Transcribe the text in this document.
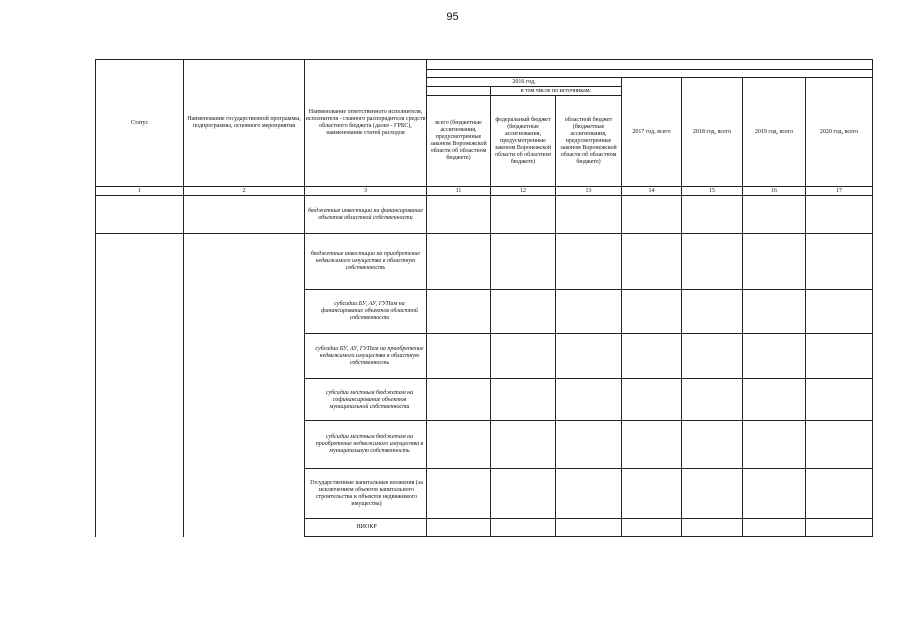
95
Статус	Наименование государственной программы, подпрограммы, основного мероприятия	Наименование ответственного исполнителя, исполнителя - главного распорядителя средств областного бюджета (далее - ГРБС), наименование статей расходов							

			2016 год,			2017 год, всего	2018 год, всего	2019 год, всего	2020 год, всего
				в том числе по источникам:					
			всего (бюджетные ассигнования, предусмотренные законом Воронежской области об областном бюджете)	федеральный бюджет (бюджетные ассигнования, предусмотренные законом Воронежской области об областном бюджете)	областной бюджет (бюджетные ассигнования, предусмотренные законом Воронежской области об областном бюджете)				
1	2	3	11	12	13	14	15	16	17
		бюджетные инвестиции на финансирование объектов областной собственности							
		бюджетные инвестиции на приобретение недвижимого имущества в областную собственность							
		субсидии БУ, АУ, ГУПам на финансирование объектов областной собственности							
		субсидии БУ, АУ, ГУПам на приобретение недвижимого имущества в областную собственность							
		субсидии местным бюджетам на софинансирование объектов муниципальной собственности							
		субсидии местным бюджетам на приобретение недвижимого имущества в муниципальную собственность							
		Государственные капитальные вложения (за исключением объектов капитального строительства и объектов недвижимого имущества)							
		НИОКР							
